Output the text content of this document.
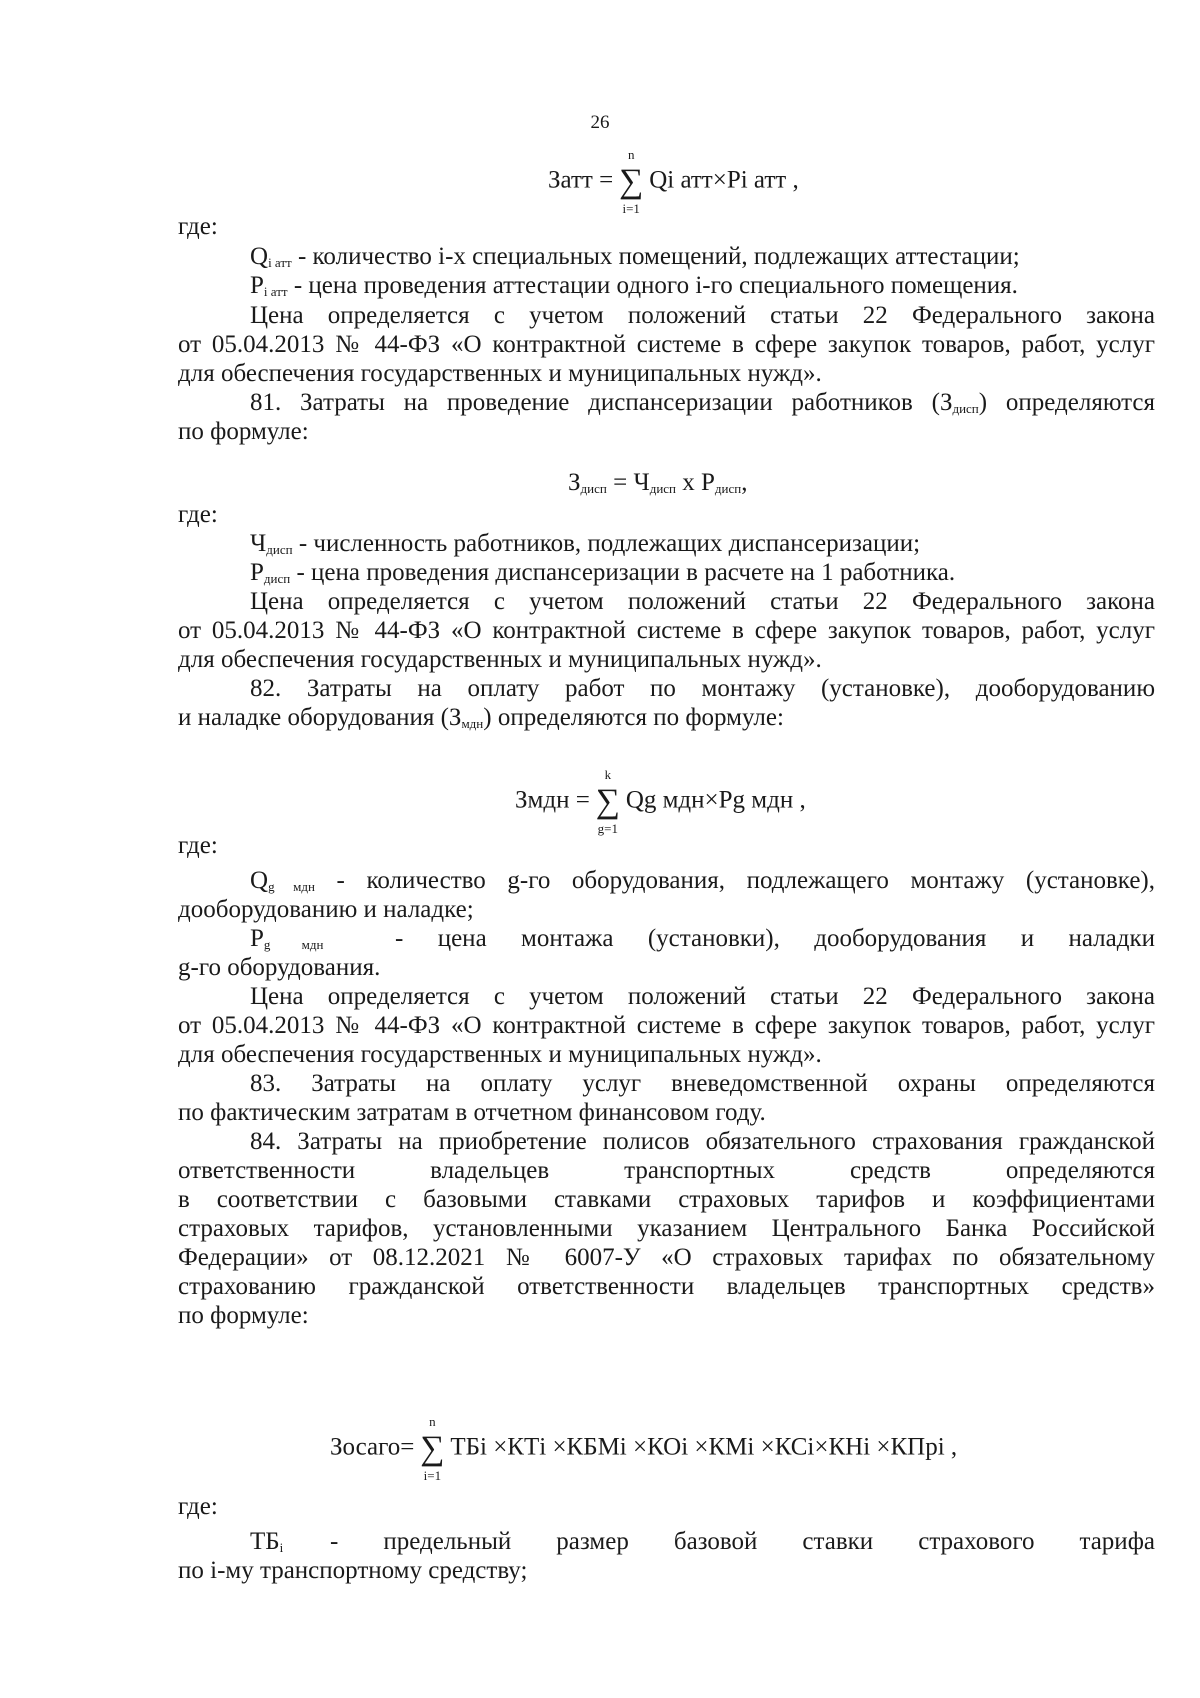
26
Затт =
n
∑
i=1
Qi атт×Pi атт ,
где:
$Q_{i атт}$ - количество i-х специальных помещений, подлежащих аттестации;
$P_{i атт}$ - цена проведения аттестации одного i-го специального помещения.
Цена определяется с учетом положений статьи 22 Федерального закона
от 05.04.2013 № 44-ФЗ «О контрактной системе в сфере закупок товаров, работ, услуг
для обеспечения государственных и муниципальных нужд».
81. Затраты на проведение диспансеризации работников $(З_{дисп})$ определяются
по формуле:
$З_{дисп} = Ч_{дисп}$ x $Р_{дисп}$,
где:
$Ч_{дисп}$ - численность работников, подлежащих диспансеризации;
$Р_{дисп}$ - цена проведения диспансеризации в расчете на 1 работника.
Цена определяется с учетом положений статьи 22 Федерального закона
от 05.04.2013 № 44-ФЗ «О контрактной системе в сфере закупок товаров, работ, услуг
для обеспечения государственных и муниципальных нужд».
82. Затраты на оплату работ по монтажу (установке), дооборудованию
и наладке оборудования $(З_{мдн})$ определяются по формуле:
Змдн =
k
∑
g=1
Qg мдн×Pg мдн ,
где:
$Q_{g мдн}$ - количество g-го оборудования, подлежащего монтажу (установке),
дооборудованию и наладке;
$P_g$ $_{мдн}$	- цена монтажа (установки), дооборудования и наладки
g-го оборудования.
Цена определяется с учетом положений статьи 22 Федерального закона
от 05.04.2013 № 44-ФЗ «О контрактной системе в сфере закупок товаров, работ, услуг
для обеспечения государственных и муниципальных нужд».
83. Затраты на оплату услуг вневедомственной охраны определяются
по фактическим затратам в отчетном финансовом году.
84. Затраты на приобретение полисов обязательного страхования гражданской
ответственности владельцев транспортных средств определяются
в соответствии с базовыми ставками страховых тарифов и коэффициентами
страховых тарифов, установленными указанием Центрального Банка Российской
Федерации» от 08.12.2021 № 6007-У «О страховых тарифах по обязательному
страхованию гражданской ответственности владельцев транспортных средств»
по формуле:
Зосаго=
n
∑
i=1
ТБi ×КТi ×КБМi ×КОi ×КМi ×КСi×КНi ×КПрi ,
где:
$ТБ_i$ - предельный размер базовой ставки страхового тарифа
по i-му транспортному средству;
